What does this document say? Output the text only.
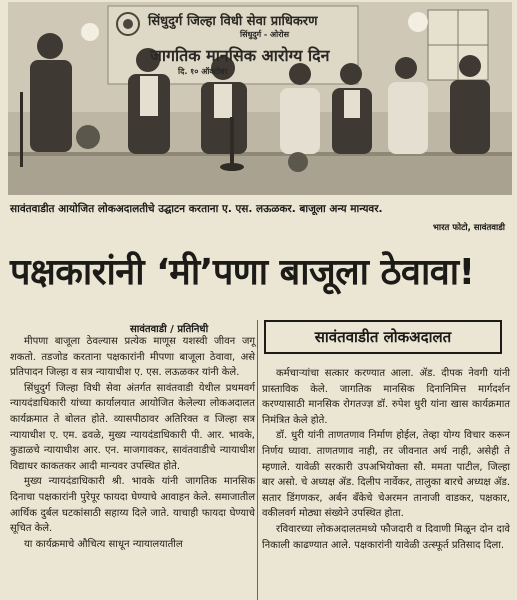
सिंधुदुर्ग जिल्हा विधी सेवा प्राधिकरण
सिंधुदुर्ग - ओरोस
जागतिक मानसिक आरोग्य दिन
दि. १० ऑक्टोबर
सावंतवाडीत आयोजित लोकअदालतीचे उद्घाटन करताना ए. एस. लऊळकर. बाजूला अन्य मान्यवर.
भारत फोटो, सावंतवाडी
पक्षकारांनी ‘मी’पणा बाजूला ठेवावा!
सावंतवाडी / प्रतिनिधी	सावंतवाडीत लोकअदालत

मीपणा बाजूला ठेवल्यास प्रत्येक माणूस यशस्वी जीवन जगू शकतो. तडजोड करताना पक्षकारांनी मीपणा बाजूला ठेवावा, असे प्रतिपादन जिल्हा व सत्र न्यायाधीश ए. एस. लऊळकर यांनी केले.

सिंधुदुर्ग जिल्हा विधी सेवा अंतर्गत सावंतवाडी येथील प्रथमवर्ग न्यायदंडाधिकारी यांच्या कार्यालयात आयोजित केलेल्या लोकअदालत कार्यक्रमात ते बोलत होते. व्यासपीठावर अतिरिक्त व जिल्हा सत्र न्यायाधीश ए. एम. ढवळे, मुख्य न्यायदंडाधिकारी पी. आर. भावके, कुडाळचे न्यायाधीश आर. एन. माजगावकर, सावंतवाडीचे न्यायाधीश विद्याधर काकतकर आदी मान्यवर उपस्थित होते.

मुख्य न्यायदंडाधिकारी श्री. भावके यांनी जागतिक मानसिक दिनाचा पक्षकारांनी पुरेपूर फायदा घेण्याचे आवाहन केले. समाजातील आर्थिक दुर्बल घटकांसाठी सहाय्य दिले जाते. याचाही फायदा घेण्याचे सूचित केले.

या कार्यक्रमाचे औचित्य साधून न्यायालयातील

कर्मचाऱ्यांचा सत्कार करण्यात आला. ॲड. दीपक नेवगी यांनी प्रास्ताविक केले. जागतिक मानसिक दिनानिमित्त मार्गदर्शन करण्यासाठी मानसिक रोगतज्ज्ञ डॉ. रुपेश धुरी यांना खास कार्यक्रमात निमंत्रित केले होते.

डॉ. धुरी यांनी ताणतणाव निर्माण होईल, तेव्हा योग्य विचार करून निर्णय घ्यावा. ताणतणाव नाही, तर जीवनात अर्थ नाही, असेही ते म्हणाले. यावेळी सरकारी उपअभियोक्ता सौ. ममता पाटील, जिल्हा बार असो. चे अध्यक्ष ॲड. दिलीप नार्वेकर, तालुका बारचे अध्यक्ष ॲड. सतार डिंगणकर, अर्बन बँकेचे चेअरमन तानाजी वाडकर, पक्षकार, वकीलवर्ग मोठ्या संख्येने उपस्थित होता.

रविवारच्या लोकअदालतमध्ये फौजदारी व दिवाणी मिळून दोन दावे निकाली काढण्यात आले. पक्षकारांनी यावेळी उत्स्फूर्त प्रतिसाद दिला.
